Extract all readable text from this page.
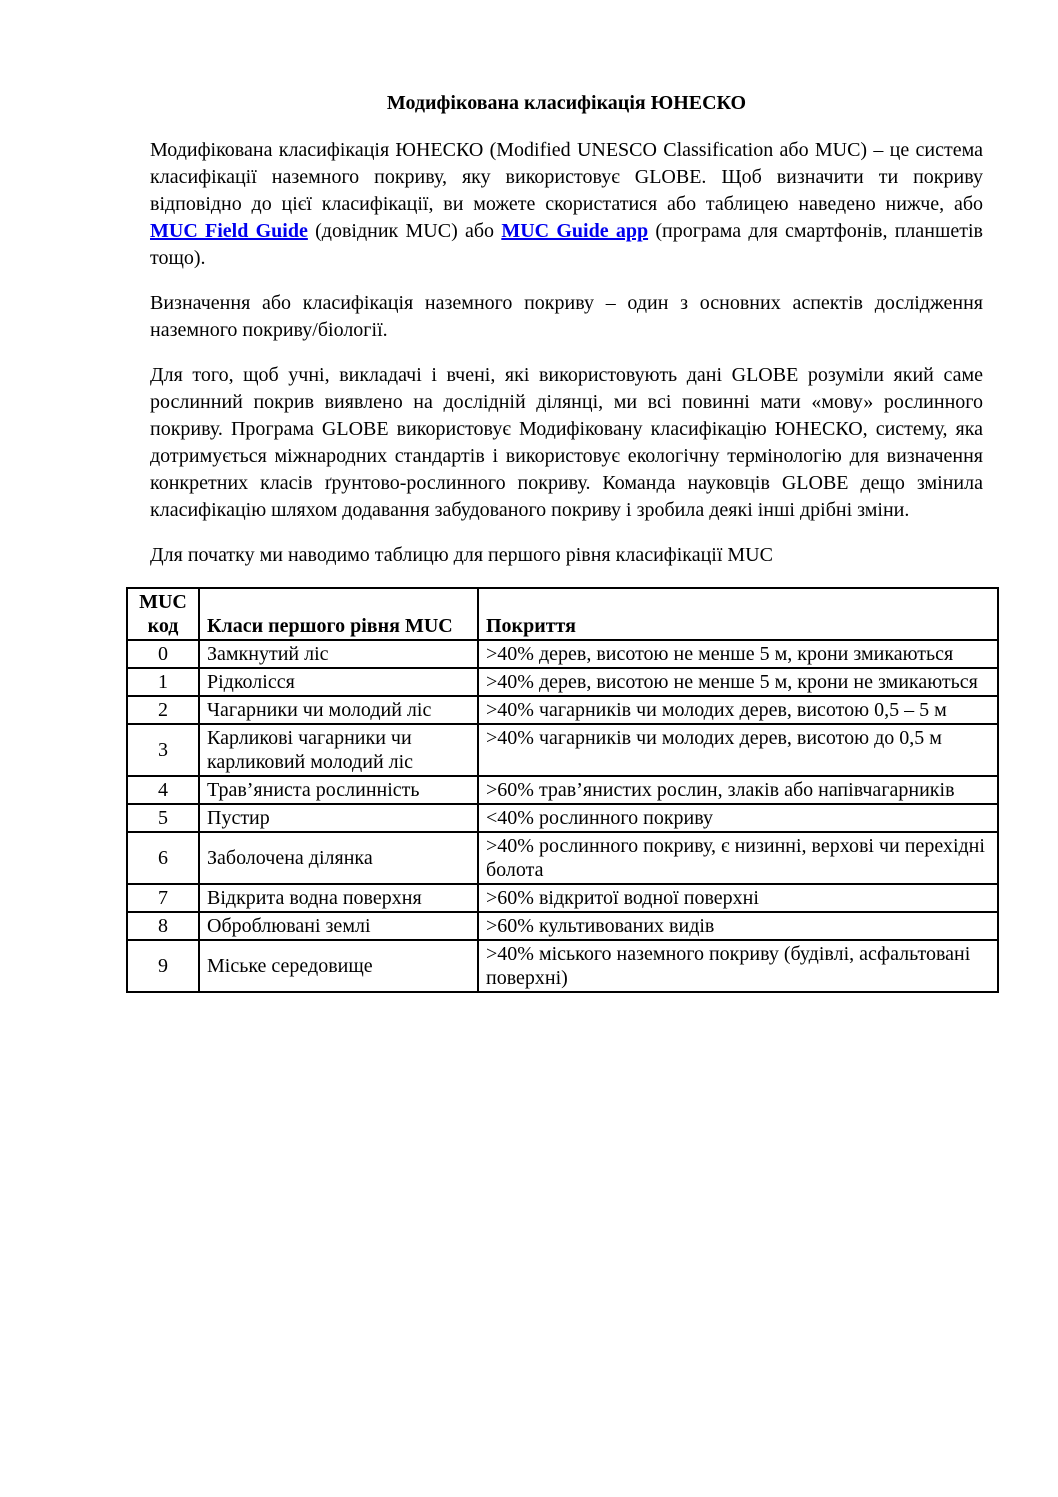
Модифікована класифікація ЮНЕСКО

Модифікована класифікація ЮНЕСКО (Modified UNESCO Classification або MUC) – це система класифікації наземного покриву, яку використовує GLOBE. Щоб визначити ти покриву відповідно до цієї класифікації, ви можете скористатися або таблицею наведено нижче, або MUC Field Guide (довідник MUC) або MUC Guide app (програма для смартфонів, планшетів тощо).

Визначення або класифікація наземного покриву – один з основних аспектів дослідження наземного покриву/біології.

Для того, щоб учні, викладачі і вчені, які використовують дані GLOBE розуміли який саме рослинний покрив виявлено на дослідній ділянці, ми всі повинні мати «мову» рослинного покриву. Програма GLOBE використовує Модифіковану класифікацію ЮНЕСКО, систему, яка дотримується міжнародних стандартів і використовує екологічну термінологію для визначення конкретних класів ґрунтово-рослинного покриву. Команда науковців GLOBE дещо змінила класифікацію шляхом додавання забудованого покриву і зробила деякі інші дрібні зміни.

Для початку ми наводимо таблицю для першого рівня класифікації MUC

MUC код	Класи першого рівня MUC	Покриття
0	Замкнутий ліс	>40% дерев, висотою не менше 5 м, крони змикаються
1	Рідколісся	>40% дерев, висотою не менше 5 м, крони не змикаються
2	Чагарники чи молодий ліс	>40% чагарників чи молодих дерев, висотою 0,5 – 5 м
3	Карликові чагарники чи карликовий молодий ліс	>40% чагарників чи молодих дерев, висотою до 0,5 м
4	Трав’яниста рослинність	>60% трав’янистих рослин, злаків або напівчагарників
5	Пустир	<40% рослинного покриву
6	Заболочена ділянка	>40% рослинного покриву, є низинні, верхові чи перехідні болота
7	Відкрита водна поверхня	>60% відкритої водної поверхні
8	Оброблювані землі	>60% культивованих видів
9	Міське середовище	>40% міського наземного покриву (будівлі, асфальтовані поверхні)
